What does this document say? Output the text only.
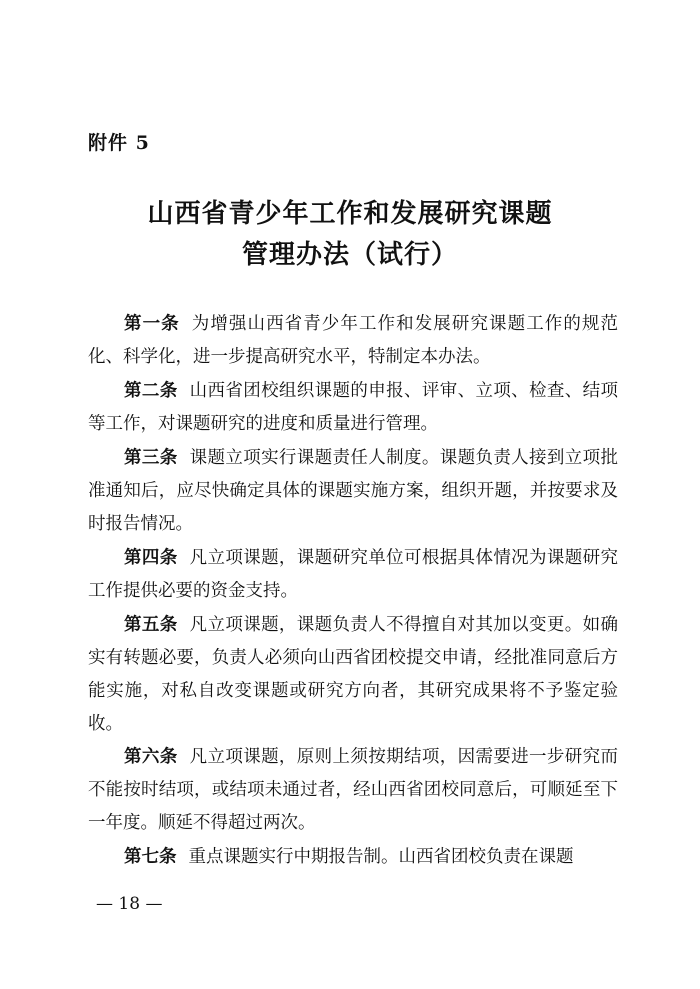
附件 5
山西省青少年工作和发展研究课题
管理办法（试行）
第一条 为增强山西省青少年工作和发展研究课题工作的规范化、科学化，进一步提高研究水平，特制定本办法。
第二条 山西省团校组织课题的申报、评审、立项、检查、结项等工作，对课题研究的进度和质量进行管理。
第三条 课题立项实行课题责任人制度。课题负责人接到立项批准通知后，应尽快确定具体的课题实施方案，组织开题，并按要求及时报告情况。
第四条 凡立项课题，课题研究单位可根据具体情况为课题研究工作提供必要的资金支持。
第五条 凡立项课题，课题负责人不得擅自对其加以变更。如确实有转题必要，负责人必须向山西省团校提交申请，经批准同意后方能实施，对私自改变课题或研究方向者，其研究成果将不予鉴定验收。
第六条 凡立项课题，原则上须按期结项，因需要进一步研究而不能按时结项，或结项未通过者，经山西省团校同意后，可顺延至下一年度。顺延不得超过两次。
第七条 重点课题实行中期报告制。山西省团校负责在课题
— 18 —
